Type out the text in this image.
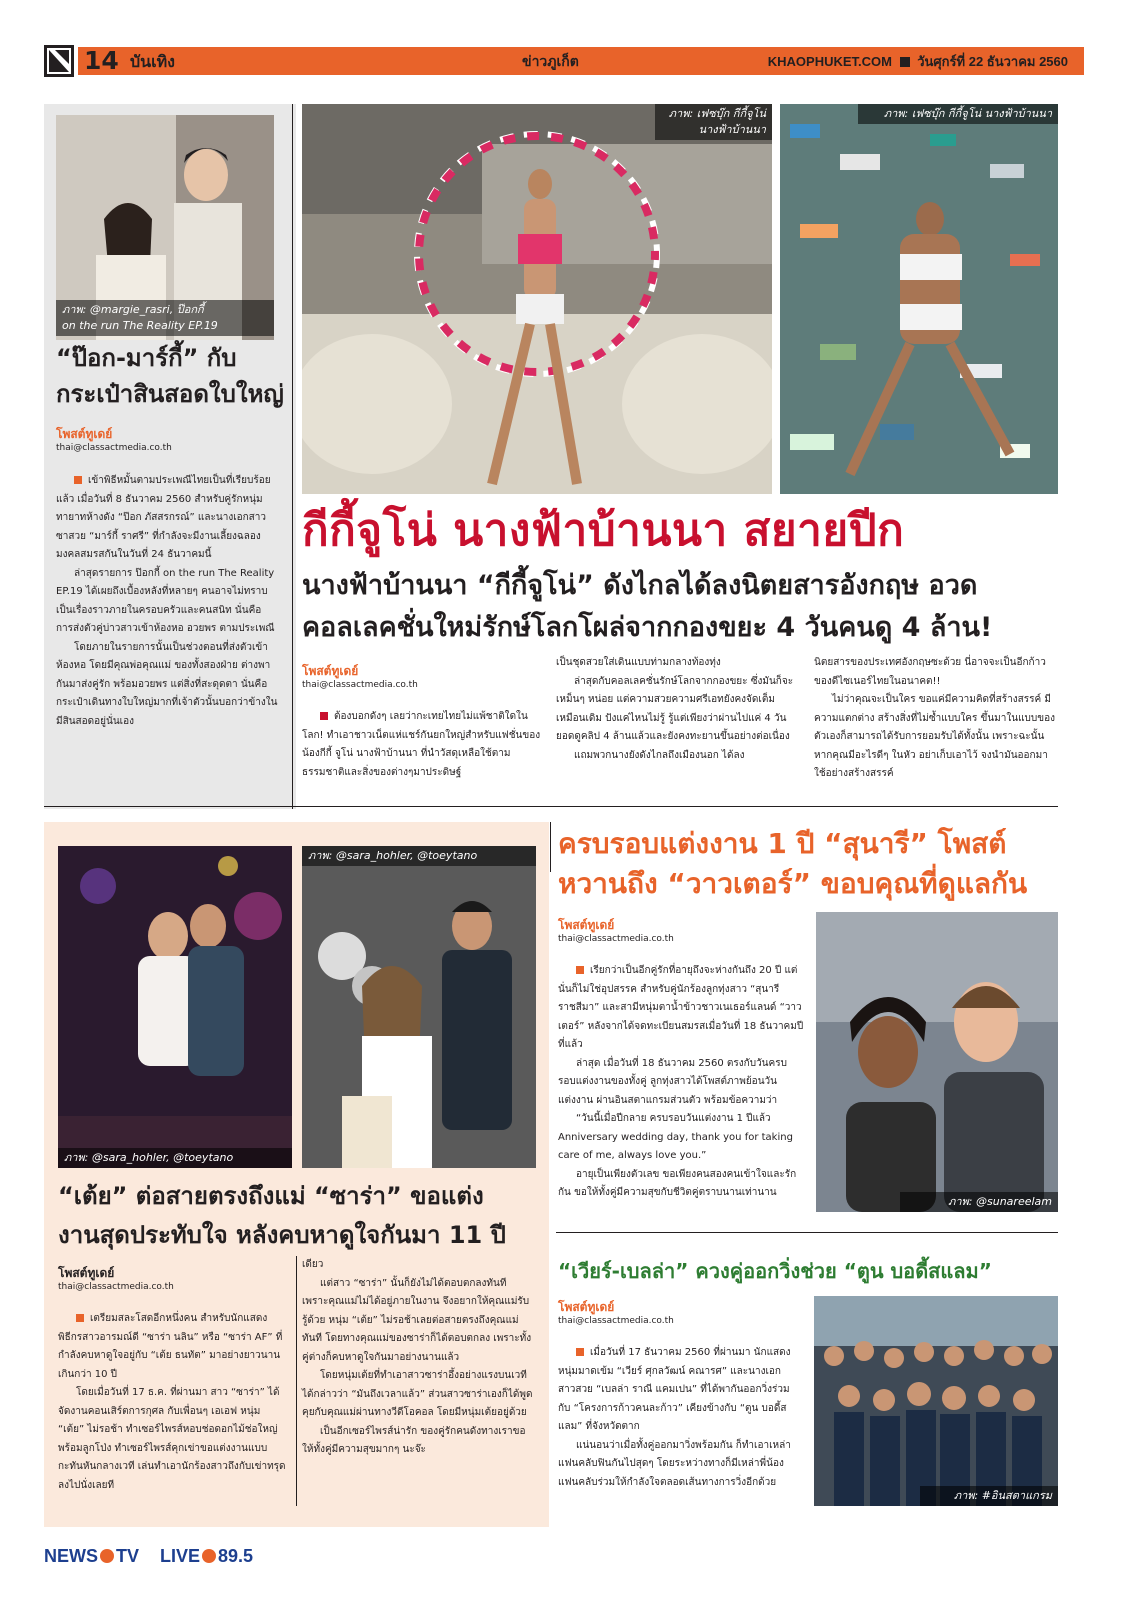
14 บันเทิง	ข่าวภูเก็ต	KHAOPHUKET.COM วันศุกร์ที่ 22 ธันวาคม 2560
ภาพ: @margie_rasri, ป๊อกกี้
on the run The Reality EP.19
“ป๊อก-มาร์กี้” กับ
กระเป๋าสินสอดใบใหญ่
โพสต์ทูเดย์
thai@classactmedia.co.th

เข้าพิธีหมั้นตามประเพณีไทยเป็นที่เรียบร้อยแล้ว เมื่อวันที่ 8 ธันวาคม 2560 สำหรับคู่รักหนุ่มทายาทห้างดัง “ป๊อก ภัสสรกรณ์” และนางเอกสาวซาสวย “มาร์กี้ ราศรี” ที่กำลังจะมีงานเลี้ยงฉลองมงคลสมรสกันในวันที่ 24 ธันวาคมนี้

ล่าสุดรายการ ป๊อกกี้ on the run The Reality EP.19 ได้เผยถึงเบื้องหลังที่หลายๆ คนอาจไม่ทราบ เป็นเรื่องราวภายในครอบครัวและคนสนิท นั่นคือการส่งตัวคู่บ่าวสาวเข้าห้องหอ อวยพร ตามประเพณี

โดยภายในรายการนั้นเป็นช่วงตอนที่ส่งตัวเข้าห้องหอ โดยมีคุณพ่อคุณแม่ ของทั้งสองฝ่าย ต่างพากันมาส่งคู่รัก พร้อมอวยพร แต่สิ่งที่สะดุดตา นั่นคือกระเป๋าเดินทางใบใหญ่มากที่เจ้าตัวนั้นบอกว่าข้างในมีสินสอดอยู่นั่นเอง

ภาพ: เฟซบุ๊ก กีกี้จูโน่
นางฟ้าบ้านนา
ภาพ: เฟซบุ๊ก กีกี้จูโน่ นางฟ้าบ้านนา
กีกี้จูโน่ นางฟ้าบ้านนา สยายปีก
นางฟ้าบ้านนา “กีกี้จูโน่” ดังไกลได้ลงนิตยสารอังกฤษ อวด
คอลเลคชั่นใหม่รักษ์โลกโผล่จากกองขยะ 4 วันคนดู 4 ล้าน!
โพสต์ทูเดย์
thai@classactmedia.co.th

ต้องบอกดังๆ เลยว่ากะเทยไทยไม่แพ้ชาติใดในโลก! ทำเอาชาวเน็ตแห่แชร์กันยกใหญ่สำหรับแฟชั่นของ น้องกีกี้ จูโน่ นางฟ้าบ้านนา ที่นำวัสดุเหลือใช้ตามธรรมชาติและสิ่งของต่างๆมาประดิษฐ์

เป็นชุดสวยใส่เดินแบบท่ามกลางท้องทุ่ง

ล่าสุดกับคอลเลคชั่นรักษ์โลกจากกองขยะ ซึ่งมันก็จะเหม็นๆ หน่อย แต่ความสวยความศรีเอทยังคงจัดเต็มเหมือนเดิม ปังแค่ไหนไม่รู้ รู้แต่เพียงว่าผ่านไปแค่ 4 วันยอดดูคลิป 4 ล้านแล้วและยังคงทะยานขึ้นอย่างต่อเนื่อง

แถมพวกนางยังดังไกลถึงเมืองนอก ได้ลง

นิตยสารของประเทศอังกฤษซะด้วย นี่อาจจะเป็นอีกก้าวของดีไซเนอร์ไทยในอนาคต!!

ไม่ว่าคุณจะเป็นใคร ขอแค่มีความคิดที่สร้างสรรค์ มีความแตกต่าง สร้างสิ่งที่ไม่ซ้ำแบบใคร ขึ้นมาในแบบของตัวเองก็สามารถได้รับการยอมรับได้ทั้งนั้น เพราะฉะนั้นหากคุณมีอะไรดีๆ ในหัว อย่าเก็บเอาไว้ จงนำมันออกมาใช้อย่างสร้างสรรค์

ภาพ: @sara_hohler, @toeytano
ภาพ: @sara_hohler, @toeytano
“เต้ย” ต่อสายตรงถึงแม่ “ซาร่า” ขอแต่ง
งานสุดประทับใจ หลังคบหาดูใจกันมา 11 ปี
โพสต์ทูเดย์
thai@classactmedia.co.th

เตรียมสละโสดอีกหนึ่งคน สำหรับนักแสดงพิธีกรสาวอารมณ์ดี “ซาร่า นลิน” หรือ “ซาร่า AF” ที่กำลังคบหาดูใจอยู่กับ “เต้ย ธนทัต” มาอย่างยาวนานเกินกว่า 10 ปี

โดยเมื่อวันที่ 17 ธ.ค. ที่ผ่านมา สาว “ซาร่า” ได้จัดงานคอนเสิร์ตการกุศล กับเพื่อนๆ เอเอฟ หนุ่ม “เต้ย” ไม่รอช้า ทำเซอร์ไพรส์หอบช่อดอกไม้ช่อใหญ่ พร้อมลูกโป่ง ทำเซอร์ไพรส์คุกเข่าขอแต่งงานแบบกะทันหันกลางเวที เล่นทำเอานักร้องสาวถึงกับเข่าทรุดลงไปนั่งเลยที

เดียว

แต่สาว “ซาร่า” นั้นก็ยังไม่ได้ตอบตกลงทันที เพราะคุณแม่ไม่ได้อยู่ภายในงาน จึงอยากให้คุณแม่รับรู้ด้วย หนุ่ม “เต้ย” ไม่รอช้าเลยต่อสายตรงถึงคุณแม่ทันที โดยทางคุณแม่ของซาร่าก็ได้ตอบตกลง เพราะทั้งคู่ต่างก็คบหาดูใจกันมาอย่างนานแล้ว

โดยหนุ่มเต้ยที่ทำเอาสาวซาร่าอึ้งอย่างแรงบนเวทีได้กล่าวว่า “มันถึงเวลาแล้ว” ส่วนสาวซาร่าเองก็ได้พูดคุยกับคุณแม่ผ่านทางวีดีโอคอล โดยมีหนุ่มเต้ยอยู่ด้วย

เป็นอีกเซอร์ไพรส์น่ารัก ของคู่รักคนดังทางเราขอให้ทั้งคู่มีความสุขมากๆ นะจ๊ะ

ครบรอบแต่งงาน 1 ปี “สุนารี” โพสต์
หวานถึง “วาวเตอร์” ขอบคุณที่ดูแลกัน
โพสต์ทูเดย์
thai@classactmedia.co.th

เรียกว่าเป็นอีกคู่รักที่อายุถึงจะห่างกันถึง 20 ปี แต่นั่นก็ไม่ใช่อุปสรรค สำหรับคู่นักร้องลูกทุ่งสาว “สุนารี ราชสีมา” และสามีหนุ่มตาน้ำข้าวชาวเนเธอร์แลนด์ “วาวเตอร์” หลังจากได้จดทะเบียนสมรสเมื่อวันที่ 18 ธันวาคมปีที่แล้ว

ล่าสุด เมื่อวันที่ 18 ธันวาคม 2560 ตรงกับวันครบรอบแต่งงานของทั้งคู่ ลูกทุ่งสาวได้โพสต์ภาพย้อนวันแต่งงาน ผ่านอินสตาแกรมส่วนตัว พร้อมข้อความว่า

“วันนี้เมื่อปีกลาย ครบรอบวันแต่งงาน 1 ปีแล้ว Anniversary wedding day, thank you for taking care of me, always love you.”

อายุเป็นเพียงตัวเลข ขอเพียงคนสองคนเข้าใจและรักกัน ขอให้ทั้งคู่มีความสุขกับชีวิตคู่ตราบนานเท่านาน

ภาพ: @sunareelam
“เวียร์-เบลล่า” ควงคู่ออกวิ่งช่วย “ตูน บอดี้สแลม”
โพสต์ทูเดย์
thai@classactmedia.co.th

เมื่อวันที่ 17 ธันวาคม 2560 ที่ผ่านมา นักแสดงหนุ่มมาดเข้ม “เวียร์ ศุกลวัฒน์ คณารศ” และนางเอกสาวสวย “เบลล่า ราณี แคมเปน” ที่ได้พากันออกวิ่งร่วมกับ “โครงการก้าวคนละก้าว” เคียงข้างกับ “ตูน บอดี้สแลม” ที่จังหวัดตาก

แน่นอนว่าเมื่อทั้งคู่ออกมาวิ่งพร้อมกัน ก็ทำเอาเหล่าแฟนคลับฟินกันไปสุดๆ โดยระหว่างทางก็มีเหล่าพี่น้อง แฟนคลับร่วมให้กำลังใจตลอดเส้นทางการวิ่งอีกด้วย

ภาพ: #อินสตาแกรม
NEWS TV LIVE 89.5
